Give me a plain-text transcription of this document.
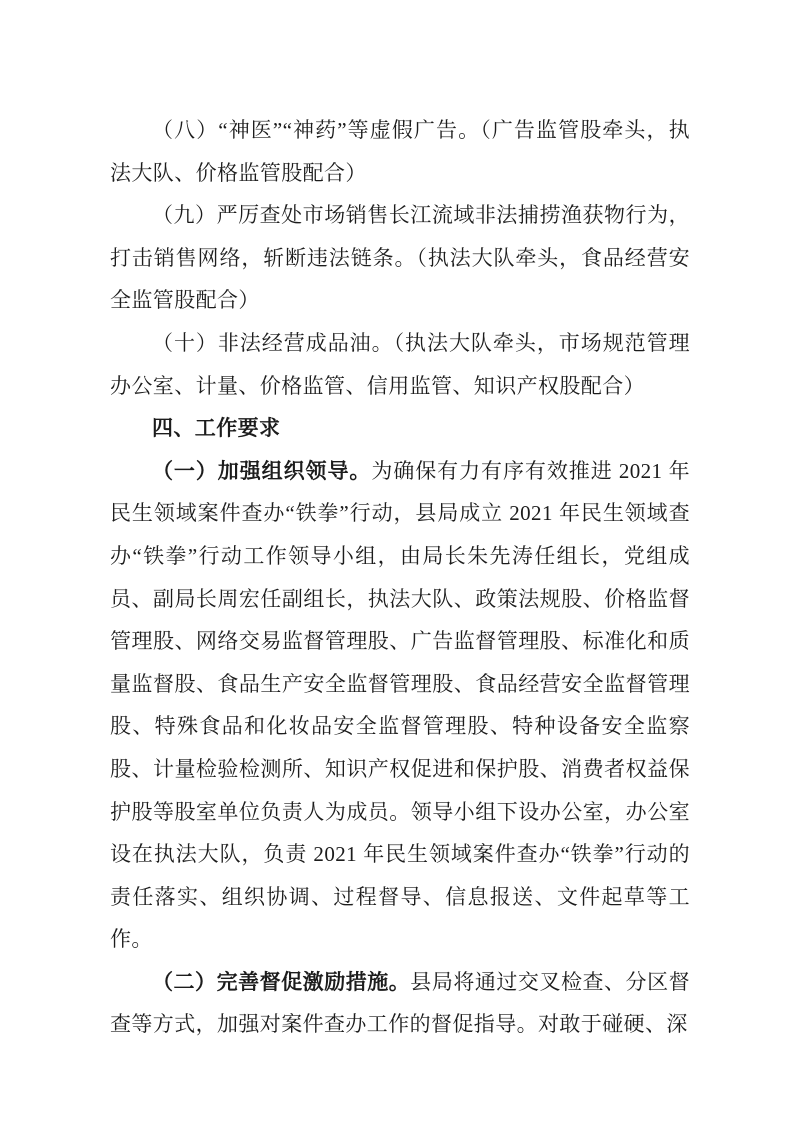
（八）“神医”“神药”等虚假广告。（广告监管股牵头，执法大队、价格监管股配合）

（九）严厉查处市场销售长江流域非法捕捞渔获物行为，打击销售网络，斩断违法链条。（执法大队牵头，食品经营安全监管股配合）

（十）非法经营成品油。（执法大队牵头，市场规范管理办公室、计量、价格监管、信用监管、知识产权股配合）

四、工作要求

（一）加强组织领导。为确保有力有序有效推进 2021 年民生领域案件查办“铁拳”行动，县局成立 2021 年民生领域查办“铁拳”行动工作领导小组，由局长朱先涛任组长，党组成员、副局长周宏任副组长，执法大队、政策法规股、价格监督管理股、网络交易监督管理股、广告监督管理股、标准化和质量监督股、食品生产安全监督管理股、食品经营安全监督管理股、特殊食品和化妆品安全监督管理股、特种设备安全监察股、计量检验检测所、知识产权促进和保护股、消费者权益保护股等股室单位负责人为成员。领导小组下设办公室，办公室设在执法大队，负责 2021 年民生领域案件查办“铁拳”行动的责任落实、组织协调、过程督导、信息报送、文件起草等工作。

（二）完善督促激励措施。县局将通过交叉检查、分区督查等方式，加强对案件查办工作的督促指导。对敢于碰硬、深
